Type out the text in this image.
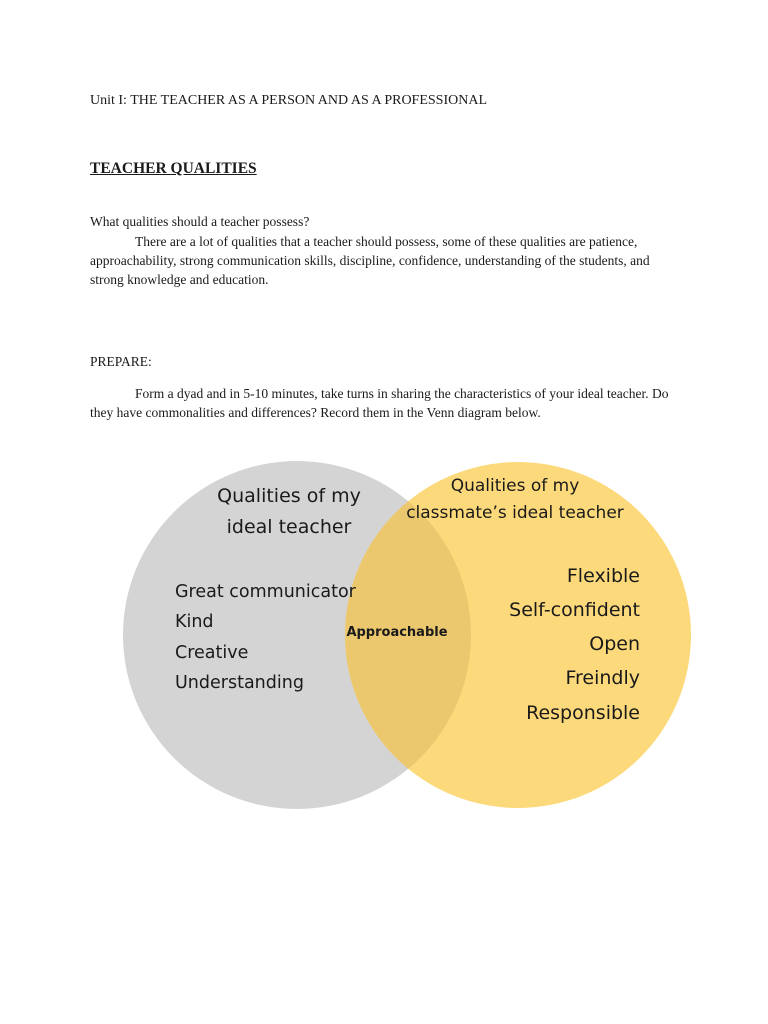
Unit I: THE TEACHER AS A PERSON AND AS A PROFESSIONAL
TEACHER QUALITIES
What qualities should a teacher possess?

There are a lot of qualities that a teacher should possess, some of these qualities are patience, approachability, strong communication skills, discipline, confidence, understanding of the students, and strong knowledge and education.

PREPARE:

Form a dyad and in 5-10 minutes, take turns in sharing the characteristics of your ideal teacher. Do they have commonalities and differences? Record them in the Venn diagram below.

Qualities of my
ideal teacher
Qualities of my
classmate’s ideal teacher
Great communicator
Kind
Creative
Understanding
Approachable
Flexible
Self-confident
Open
Freindly
Responsible
